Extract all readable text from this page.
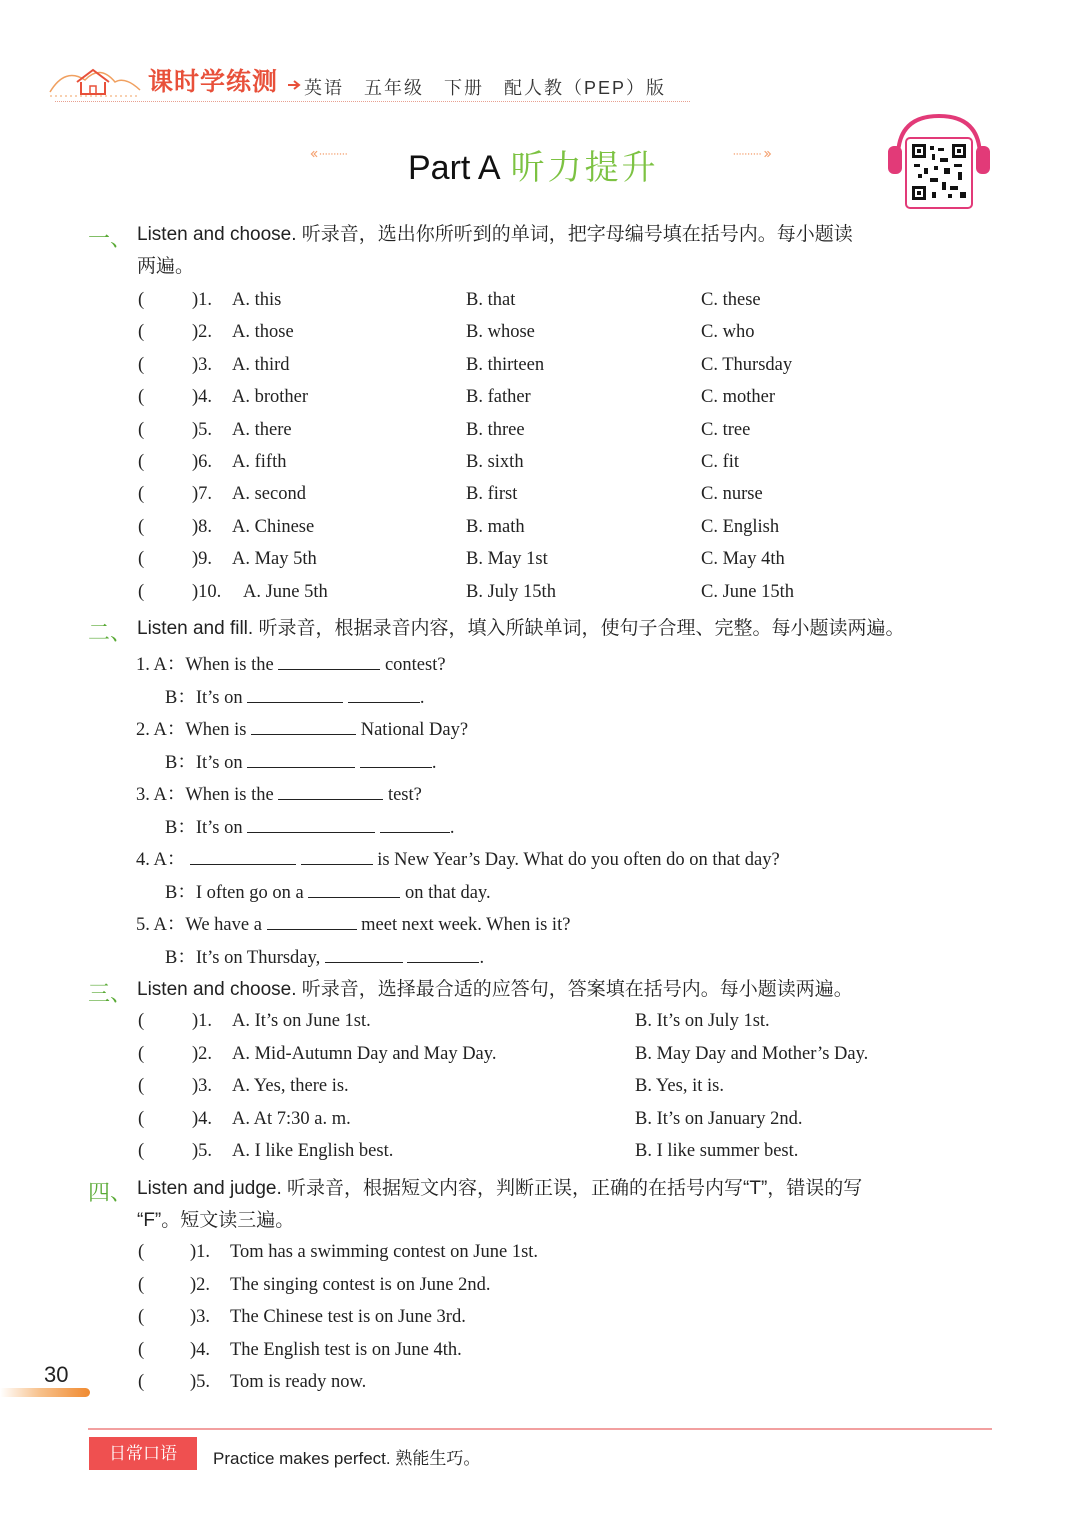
课时学练测 英语　五年级　下册　配人教（PEP）版
Part A 听力提升
一、 Listen and choose. 听录音，选出你所听到的单词，把字母编号填在括号内。每小题读
两遍。
(	)1. A. this	B. that	C. these
(	)2. A. those	B. whose	C. who
(	)3. A. third	B. thirteen	C. Thursday
(	)4. A. brother	B. father	C. mother
(	)5. A. there	B. three	C. tree
(	)6. A. fifth	B. sixth	C. fit
(	)7. A. second	B. first	C. nurse
(	)8. A. Chinese	B. math	C. English
(	)9. A. May 5th	B. May 1st	C. May 4th
(	)10. A. June 5th	B. July 15th	C. June 15th
二、 Listen and fill. 听录音，根据录音内容，填入所缺单词，使句子合理、完整。每小题读两遍。
1. A：When is the	contest?
B：It’s on	.
2. A：When is	National Day?
B：It’s on	.
3. A：When is the	test?
B：It’s on	.
4. A：	is New Year’s Day. What do you often do on that day?
B：I often go on a	on that day.
5. A：We have a	meet next week. When is it?
B：It’s on Thursday,	.
三、 Listen and choose. 听录音，选择最合适的应答句，答案填在括号内。每小题读两遍。
(	)1. A. It’s on June 1st.	B. It’s on July 1st.
(	)2. A. Mid-Autumn Day and May Day.	B. May Day and Mother’s Day.
(	)3. A. Yes, there is.	B. Yes, it is.
(	)4. A. At 7:30 a. m.	B. It’s on January 2nd.
(	)5. A. I like English best.	B. I like summer best.
四、 Listen and judge. 听录音，根据短文内容，判断正误，正确的在括号内写“T”，错误的写
“F”。短文读三遍。
( )1. Tom has a swimming contest on June 1st.
( )2. The singing contest is on June 2nd.
( )3. The Chinese test is on June 3rd.
( )4. The English test is on June 4th.
( )5. Tom is ready now.
30
日常口语	Practice makes perfect. 熟能生巧。
